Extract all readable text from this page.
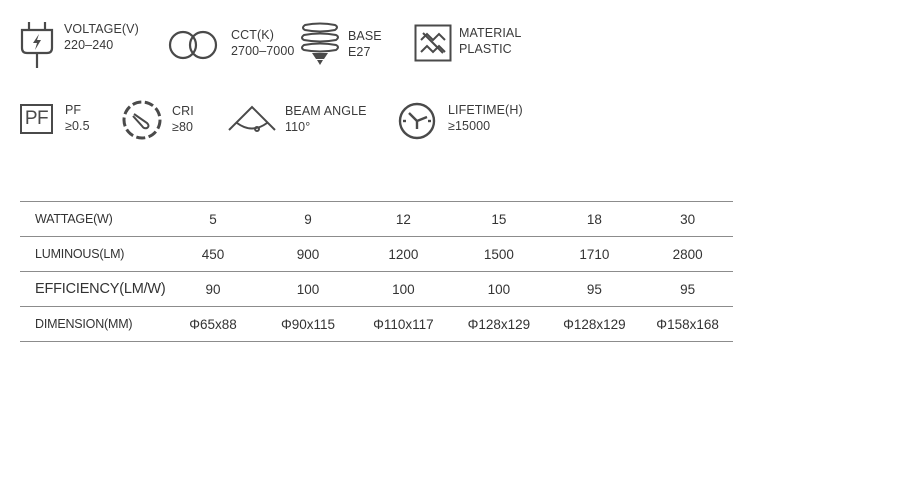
VOLTAGE(V)
220–240
CCT(K)
2700–7000
BASE
E27
MATERIAL
PLASTIC
PF PF
≥0.5
CRI
≥80
BEAM ANGLE
110°
LIFETIME(H)
≥15000
WATTAGE(W)	5	9	12	15	18	30
LUMINOUS(LM)	450	900	1200	1500	1710	2800
EFFICIENCY(LM/W)	90	100	100	100	95	95
DIMENSION(MM)	Φ65x88	Φ90x115	Φ110x117	Φ128x129	Φ128x129	Φ158x168
